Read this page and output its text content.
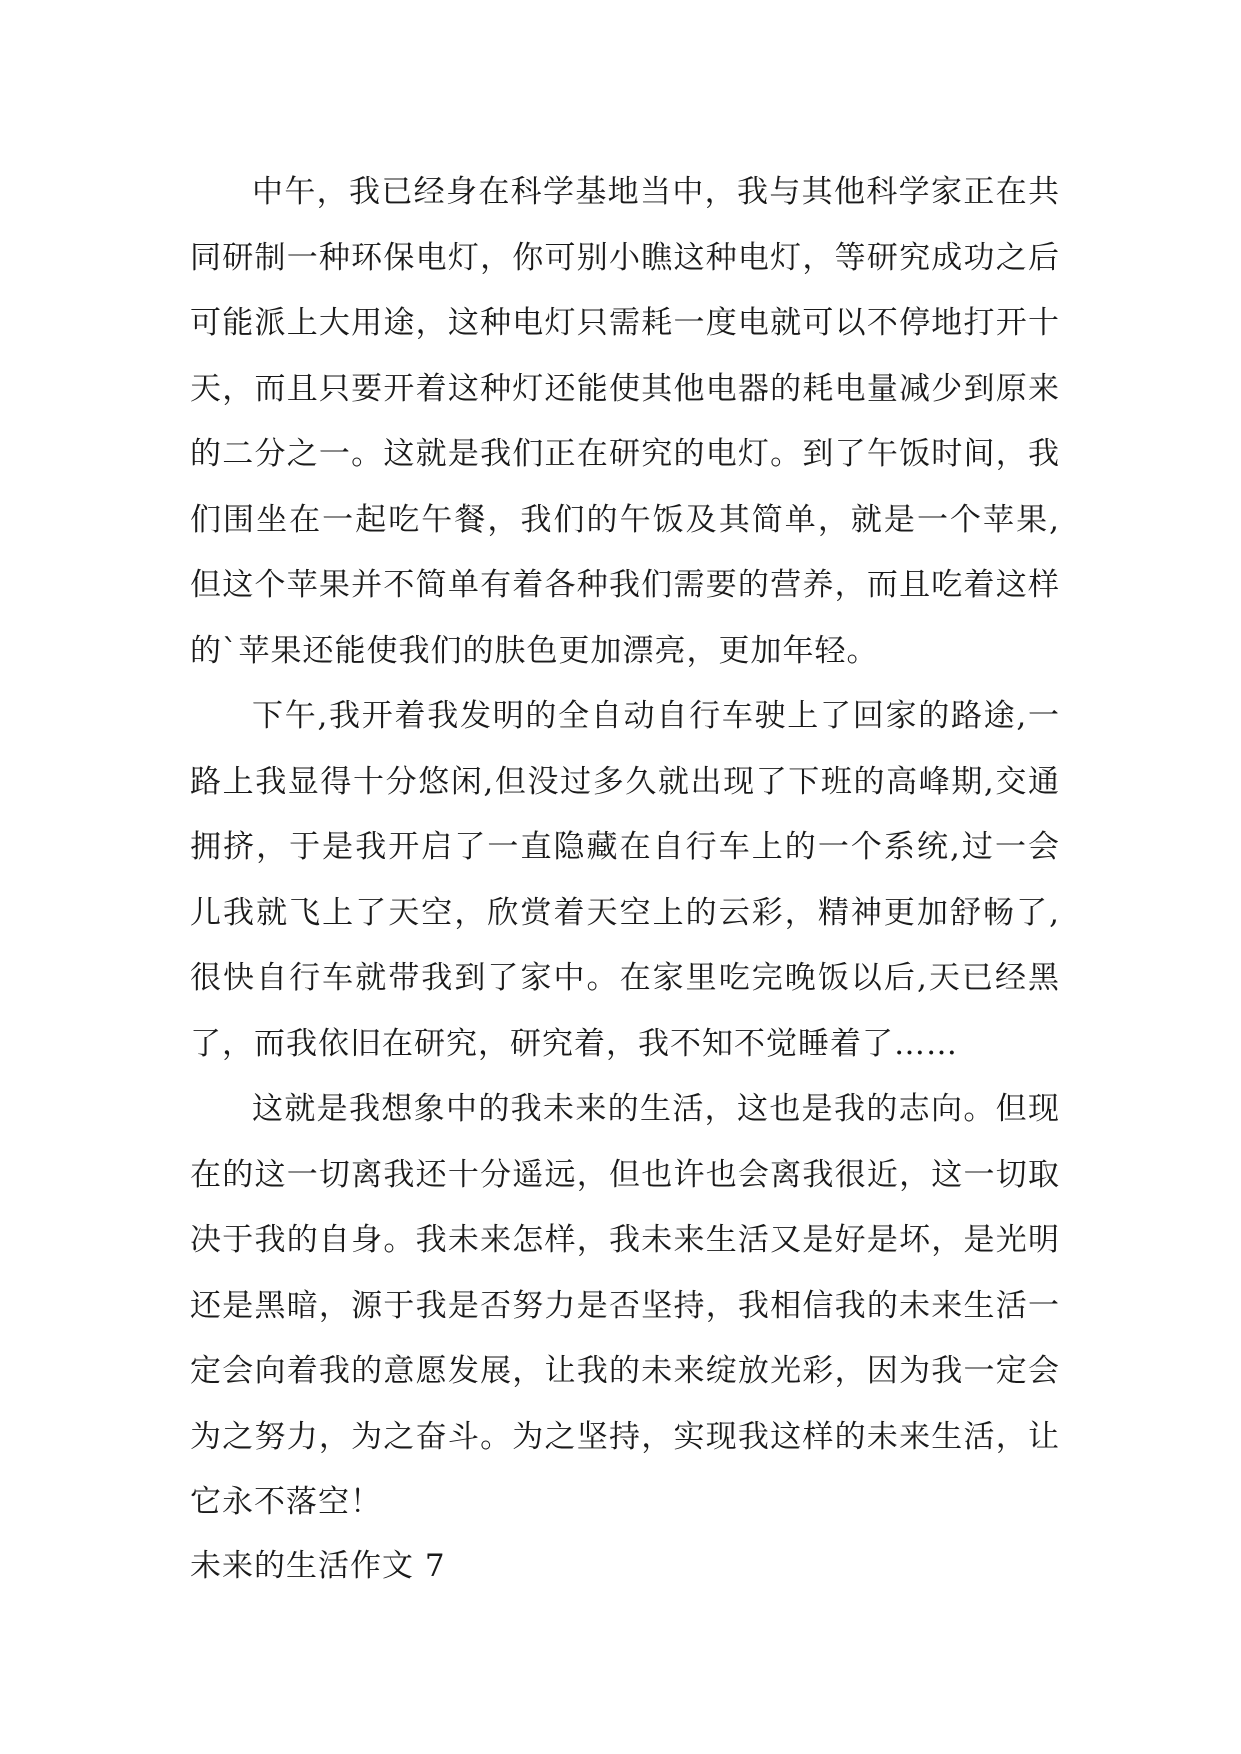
中午，我已经身在科学基地当中，我与其他科学家正在共同研制一种环保电灯，你可别小瞧这种电灯，等研究成功之后可能派上大用途，这种电灯只需耗一度电就可以不停地打开十天，而且只要开着这种灯还能使其他电器的耗电量减少到原来的二分之一。这就是我们正在研究的电灯。到了午饭时间，我们围坐在一起吃午餐，我们的午饭及其简单，就是一个苹果,但这个苹果并不简单有着各种我们需要的营养，而且吃着这样的`苹果还能使我们的肤色更加漂亮，更加年轻。

下午,我开着我发明的全自动自行车驶上了回家的路途,一路上我显得十分悠闲,但没过多久就出现了下班的高峰期,交通拥挤，于是我开启了一直隐藏在自行车上的一个系统,过一会儿我就飞上了天空，欣赏着天空上的云彩，精神更加舒畅了,很快自行车就带我到了家中。在家里吃完晚饭以后,天已经黑了，而我依旧在研究，研究着，我不知不觉睡着了……

这就是我想象中的我未来的生活，这也是我的志向。但现在的这一切离我还十分遥远，但也许也会离我很近，这一切取决于我的自身。我未来怎样，我未来生活又是好是坏，是光明还是黑暗，源于我是否努力是否坚持，我相信我的未来生活一定会向着我的意愿发展，让我的未来绽放光彩，因为我一定会为之努力，为之奋斗。为之坚持，实现我这样的未来生活，让它永不落空！

未来的生活作文 7
